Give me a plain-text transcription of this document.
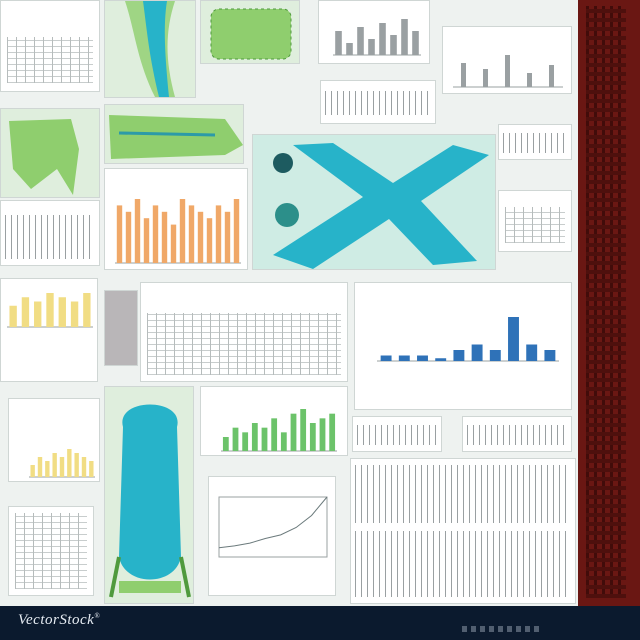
VectorStock®
